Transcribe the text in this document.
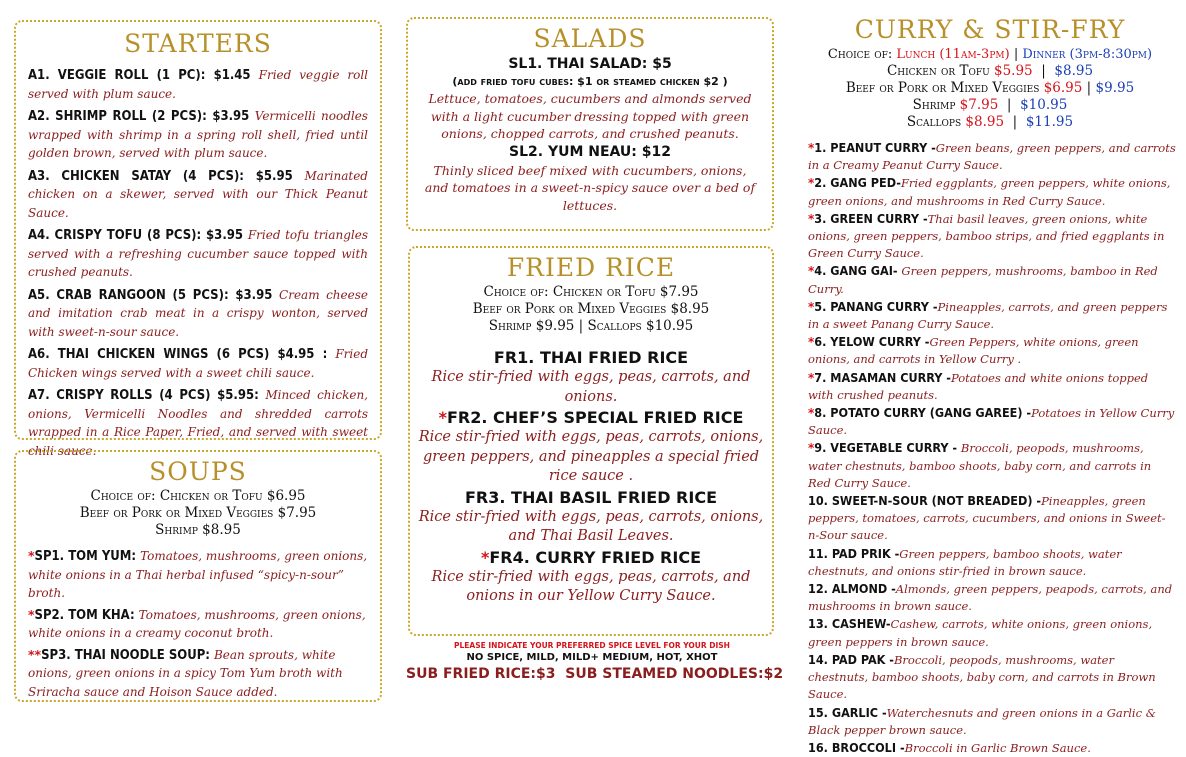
STARTERS

A1. VEGGIE ROLL (1 PC): $1.45 Fried veggie roll served with plum sauce.

A2. SHRIMP ROLL (2 PCS): $3.95 Vermicelli noodles wrapped with shrimp in a spring roll shell, fried until golden brown, served with plum sauce.

A3. CHICKEN SATAY (4 PCS): $5.95 Marinated chicken on a skewer, served with our Thick Peanut Sauce.

A4. CRISPY TOFU (8 PCS): $3.95 Fried tofu triangles served with a refreshing cucumber sauce topped with crushed peanuts.

A5. CRAB RANGOON (5 PCS): $3.95 Cream cheese and imitation crab meat in a crispy wonton, served with sweet-n-sour sauce.

A6. THAI CHICKEN WINGS (6 PCS) $4.95 : Fried Chicken wings served with a sweet chili sauce.

A7. CRISPY ROLLS (4 PCS) $5.95: Minced chicken, onions, Vermicelli Noodles and shredded carrots wrapped in a Rice Paper, Fried, and served with sweet chili sauce.

SOUPS
Choice of: Chicken or Tofu $6.95
Beef or Pork or Mixed Veggies $7.95
Shrimp $8.95

*SP1. TOM YUM: Tomatoes, mushrooms, green onions, white onions in a Thai herbal infused “spicy-n-sour” broth.

*SP2. TOM KHA: Tomatoes, mushrooms, green onions, white onions in a creamy coconut broth.

**SP3. THAI NOODLE SOUP: Bean sprouts, white onions, green onions in a spicy Tom Yum broth with Sriracha sauce and Hoison Sauce added.

SALADS
SL1. THAI SALAD: $5
(add fried tofu cubes: $1 or steamed chicken $2 )
Lettuce, tomatoes, cucumbers and almonds served with a light cucumber dressing topped with green onions, chopped carrots, and crushed peanuts.
SL2. YUM NEAU: $12
Thinly sliced beef mixed with cucumbers, onions, and tomatoes in a sweet-n-spicy sauce over a bed of lettuces.
FRIED RICE
Choice of: Chicken or Tofu $7.95
Beef or Pork or Mixed Veggies $8.95
Shrimp $9.95 | Scallops $10.95
FR1. THAI FRIED RICE
Rice stir-fried with eggs, peas, carrots, and onions.
*FR2. CHEF’S SPECIAL FRIED RICE
Rice stir-fried with eggs, peas, carrots, onions, green peppers, and pineapples a special fried rice sauce .
FR3. THAI BASIL FRIED RICE
Rice stir-fried with eggs, peas, carrots, onions, and Thai Basil Leaves.
*FR4. CURRY FRIED RICE
Rice stir-fried with eggs, peas, carrots, and onions in our Yellow Curry Sauce.
PLEASE INDICATE YOUR PREFERRED SPICE LEVEL FOR YOUR DISH
NO SPICE, MILD, MILD+ MEDIUM, HOT, XHOT
SUB FRIED RICE:$3  SUB STEAMED NOODLES:$2
CURRY & STIR-FRY
Choice of: Lunch (11am-3pm) | Dinner (3pm-8:30pm)
Chicken or Tofu $5.95 | $8.95
Beef or Pork or Mixed Veggies $6.95 | $9.95
Shrimp $7.95 | $10.95
Scallops $8.95 | $11.95

*1. PEANUT CURRY -Green beans, green peppers, and carrots in a Creamy Peanut Curry Sauce.

*2. GANG PED-Fried eggplants, green peppers, white onions, green onions, and mushrooms in Red Curry Sauce.

*3. GREEN CURRY -Thai basil leaves, green onions, white onions, green peppers, bamboo strips, and fried eggplants in Green Curry Sauce.

*4. GANG GAI- Green peppers, mushrooms, bamboo in Red Curry.

*5. PANANG CURRY -Pineapples, carrots, and green peppers in a sweet Panang Curry Sauce.

*6. YELOW CURRY -Green Peppers, white onions, green onions, and carrots in Yellow Curry .

*7. MASAMAN CURRY -Potatoes and white onions topped with crushed peanuts.

*8. POTATO CURRY (GANG GAREE) -Potatoes in Yellow Curry Sauce.

*9. VEGETABLE CURRY - Broccoli, peopods, mushrooms, water chestnuts, bamboo shoots, baby corn, and carrots in Red Curry Sauce.

10. SWEET-N-SOUR (NOT BREADED) -Pineapples, green peppers, tomatoes, carrots, cucumbers, and onions in Sweet-n-Sour sauce.

11. PAD PRIK -Green peppers, bamboo shoots, water chestnuts, and onions stir-fried in brown sauce.

12. ALMOND -Almonds, green peppers, peapods, carrots, and mushrooms in brown sauce.

13. CASHEW-Cashew, carrots, white onions, green onions, green peppers in brown sauce.

14. PAD PAK -Broccoli, peopods, mushrooms, water chestnuts, bamboo shoots, baby corn, and carrots in Brown Sauce.

15. GARLIC -Waterchesnuts and green onions in a Garlic & Black pepper brown sauce.

16. BROCCOLI -Broccoli in Garlic Brown Sauce.
